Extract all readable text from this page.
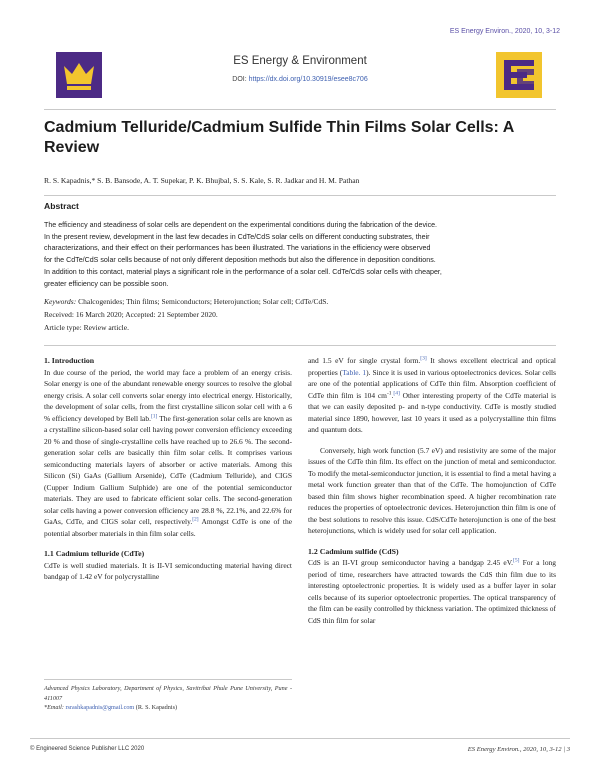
ES Energy Environ., 2020, 10, 3-12
ES Energy & Environment
DOI: https://dx.doi.org/10.30919/esee8c706
Cadmium Telluride/Cadmium Sulfide Thin Films Solar Cells: A
Review
R. S. Kapadnis,* S. B. Bansode, A. T. Supekar, P. K. Bhujbal, S. S. Kale, S. R. Jadkar and H. M. Pathan
Abstract
The efficiency and steadiness of solar cells are dependent on the experimental conditions during the fabrication of the device.
In the present review, development in the last few decades in CdTe/CdS solar cells on different conducting substrates, their
characterizations, and their effect on their performances has been illustrated. The variations in the efficiency were observed
for the CdTe/CdS solar cells because of not only different deposition methods but also the difference in deposition conditions.
In addition to this contact, material plays a significant role in the performance of a solar cell. CdTe/CdS solar cells with cheaper,
greater efficiency can be possible soon.
Keywords: Chalcogenides; Thin films; Semiconductors; Heterojunction; Solar cell; CdTe/CdS.
Received: 16 March 2020; Accepted: 21 September 2020.
Article type: Review article.

1. Introduction

In due course of the period, the world may face a problem of an energy crisis. Solar energy is one of the abundant renewable energy sources to resolve the global energy crisis. A solar cell converts solar energy into electrical energy. Historically, the development of solar cells, from the first crystalline silicon solar cell with a 6 % efficiency developed by Bell lab.[1] The first-generation solar cells are known as a crystalline silicon-based solar cell having power conversion efficiency exceeding 20 % and those of single-crystalline cells have reached up to 26.6 %. The second-generation solar cells are basically thin film solar cells. It comprises various semiconducting materials layers of absorber or active materials. Among this Silicon (Si) GaAs (Gallium Arsenide), CdTe (Cadmium Telluride), and CIGS (Cupper Indium Gallium Sulphide) are one of the potential semiconductor materials. They are used to fabricate efficient solar cells. The second-generation solar cells having a power conversion efficiency are 28.8 %, 22.1%, and 22.6% for GaAs, CdTe, and CIGS solar cell, respectively.[2] Amongst CdTe is one of the potential absorber materials in thin film solar cells.

1.1 Cadmium telluride (CdTe)

CdTe is well studied materials. It is II-VI semiconducting material having direct bandgap of 1.42 eV for polycrystalline

Advanced Physics Laboratory, Department of Physics, Savitribai Phule Pune University, Pune - 411007
*Email: rsrashkapadnis@gmail.com (R. S. Kapadnis)

and 1.5 eV for single crystal form.[3] It shows excellent electrical and optical properties (Table. 1). Since it is used in various optoelectronics devices. Solar cells are one of the potential applications of CdTe thin film. Absorption coefficient of CdTe thin film is 104 $cm^{-1}.[4]$ Other interesting property of the CdTe material is that we can easily deposited p- and n-type conductivity. CdTe is mostly studied material since 1890, however, last 10 years it used as a polycrystalline thin films and quantum dots.

Conversely, high work function (5.7 eV) and resistivity are some of the major issues of the CdTe thin film. Its effect on the junction of metal and semiconductor. To modify the metal-semiconductor junction, it is essential to find a metal having a metal work function greater than that of the CdTe. The homojunction of CdTe based thin film shows higher recombination speed. A higher recombination rate reduces the properties of optoelectronic devices. Heterojunction thin film is one of the best solutions to resolve this issue. CdS/CdTe heterojunction is one of the best heterojunctions, which is widely used for solar cell application.

1.2 Cadmium sulfide (CdS)

CdS is an II-VI group semiconductor having a bandgap 2.45 eV.[5] For a long period of time, researchers have attracted towards the CdS thin film due to its interesting optoelectronic properties. It is widely used as a buffer layer in solar cells because of its superior optoelectronic properties. The optical transparency of the film can be easily controlled by thickness variation. The optimized thickness of CdS thin film for solar

© Engineered Science Publisher LLC 2020	ES Energy Environ., 2020, 10, 3-12 | 3
